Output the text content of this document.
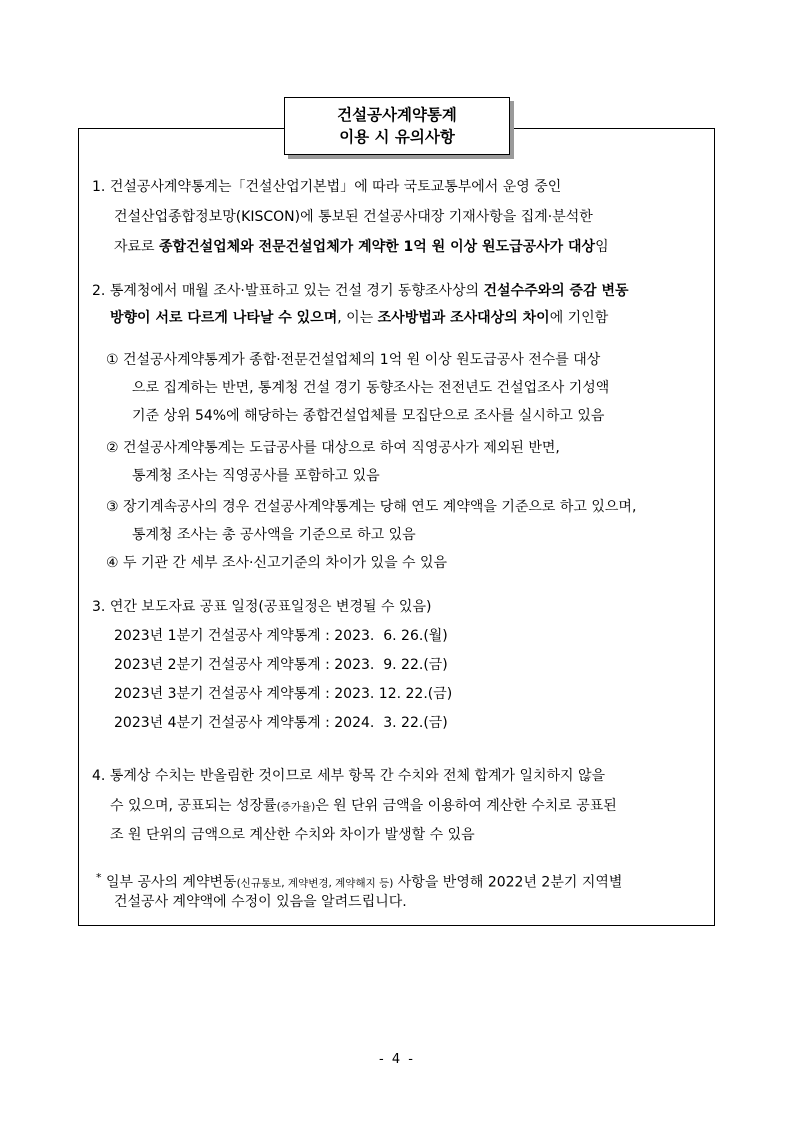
건설공사계약통계
이용 시 유의사항
1. 건설공사계약통계는「건설산업기본법」에 따라 국토교통부에서 운영 중인
건설산업종합정보망(KISCON)에 통보된 건설공사대장 기재사항을 집계·분석한
자료로 종합건설업체와 전문건설업체가 계약한 1억 원 이상 원도급공사가 대상임
2. 통계청에서 매월 조사·발표하고 있는 건설 경기 동향조사상의 건설수주와의 증감 변동
방향이 서로 다르게 나타날 수 있으며, 이는 조사방법과 조사대상의 차이에 기인함
① 건설공사계약통계가 종합·전문건설업체의 1억 원 이상 원도급공사 전수를 대상
으로 집계하는 반면, 통계청 건설 경기 동향조사는 전전년도 건설업조사 기성액
기준 상위 54%에 해당하는 종합건설업체를 모집단으로 조사를 실시하고 있음
② 건설공사계약통계는 도급공사를 대상으로 하여 직영공사가 제외된 반면,
통계청 조사는 직영공사를 포함하고 있음
③ 장기계속공사의 경우 건설공사계약통계는 당해 연도 계약액을 기준으로 하고 있으며,
통계청 조사는 총 공사액을 기준으로 하고 있음
④ 두 기관 간 세부 조사·신고기준의 차이가 있을 수 있음
3. 연간 보도자료 공표 일정(공표일정은 변경될 수 있음)
2023년 1분기 건설공사 계약통계 : 2023.  6. 26.(월)
2023년 2분기 건설공사 계약통계 : 2023.  9. 22.(금)
2023년 3분기 건설공사 계약통계 : 2023. 12. 22.(금)
2023년 4분기 건설공사 계약통계 : 2024.  3. 22.(금)
4. 통계상 수치는 반올림한 것이므로 세부 항목 간 수치와 전체 합계가 일치하지 않을
수 있으며, 공표되는 성장률(증가율)은 원 단위 금액을 이용하여 계산한 수치로 공표된
조 원 단위의 금액으로 계산한 수치와 차이가 발생할 수 있음
* 일부 공사의 계약변동(신규통보, 계약변경, 계약해지 등) 사항을 반영해 2022년 2분기 지역별
건설공사 계약액에 수정이 있음을 알려드립니다.
- 4 -
